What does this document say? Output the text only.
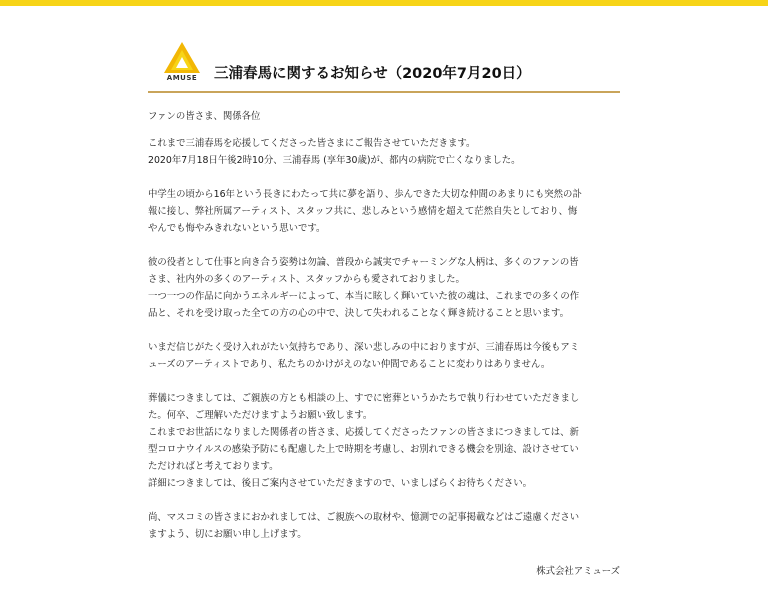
AMUSE	三浦春馬に関するお知らせ（2020年7月20日）

ファンの皆さま、関係各位

これまで三浦春馬を応援してくださった皆さまにご報告させていただきます。

2020年7月18日午後2時10分、三浦春馬 (享年30歳)が、都内の病院で亡くなりました。

中学生の頃から16年という長きにわたって共に夢を語り、歩んできた大切な仲間のあまりにも突然の訃

報に接し、弊社所属アーティスト、スタッフ共に、悲しみという感情を超えて茫然自失としており、悔

やんでも悔やみきれないという思いです。

彼の役者として仕事と向き合う姿勢は勿論、普段から誠実でチャーミングな人柄は、多くのファンの皆

さま、社内外の多くのアーティスト、スタッフからも愛されておりました。

一つ一つの作品に向かうエネルギーによって、本当に眩しく輝いていた彼の魂は、これまでの多くの作

品と、それを受け取った全ての方の心の中で、決して失われることなく輝き続けることと思います。

いまだ信じがたく受け入れがたい気持ちであり、深い悲しみの中におりますが、三浦春馬は今後もアミ

ューズのアーティストであり、私たちのかけがえのない仲間であることに変わりはありません。

葬儀につきましては、ご親族の方とも相談の上、すでに密葬というかたちで執り行わせていただきまし

た。何卒、ご理解いただけますようお願い致します。

これまでお世話になりました関係者の皆さま、応援してくださったファンの皆さまにつきましては、新

型コロナウイルスの感染予防にも配慮した上で時期を考慮し、お別れできる機会を別途、設けさせてい

ただければと考えております。

詳細につきましては、後日ご案内させていただきますので、いましばらくお待ちください。

尚、マスコミの皆さまにおかれましては、ご親族への取材や、憶測での記事掲載などはご遠慮ください

ますよう、切にお願い申し上げます。

株式会社アミューズ
